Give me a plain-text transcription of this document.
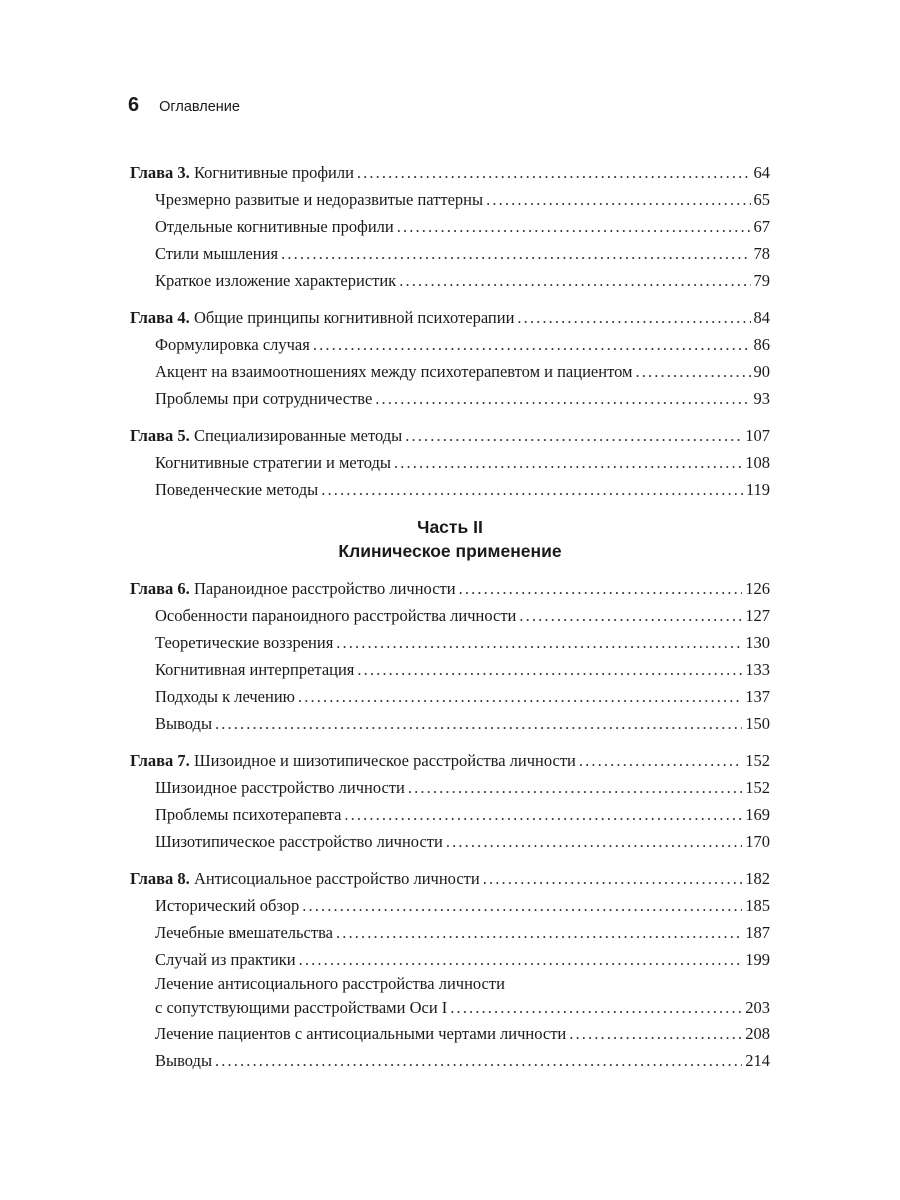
6 Оглавление
Глава 3. Когнитивные профили . . .	64
Чрезмерно развитые и недоразвитые паттерны . . .	65
Отдельные когнитивные профили . . .	67
Стили мышления . . .	78
Краткое изложение характеристик . . .	79
Глава 4. Общие принципы когнитивной психотерапии . . .	84
Формулировка случая . . .	86
Акцент на взаимоотношениях между психотерапевтом и пациентом . . .	90
Проблемы при сотрудничестве . . .	93
Глава 5. Специализированные методы . . .	107
Когнитивные стратегии и методы . . .	108
Поведенческие методы . . .	119
Часть II
Клиническое применение
Глава 6. Параноидное расстройство личности . . .	126
Особенности параноидного расстройства личности . . .	127
Теоретические воззрения . . .	130
Когнитивная интерпретация . . .	133
Подходы к лечению . . .	137
Выводы . . .	150
Глава 7. Шизоидное и шизотипическое расстройства личности . . .	152
Шизоидное расстройство личности . . .	152
Проблемы психотерапевта . . .	169
Шизотипическое расстройство личности . . .	170
Глава 8. Антисоциальное расстройство личности . . .	182
Исторический обзор . . .	185
Лечебные вмешательства . . .	187
Случай из практики . . .	199
Лечение антисоциального расстройства личности
с сопутствующими расстройствами Оси I . . .	203
Лечение пациентов с антисоциальными чертами личности . . .	208
Выводы . . .	214
